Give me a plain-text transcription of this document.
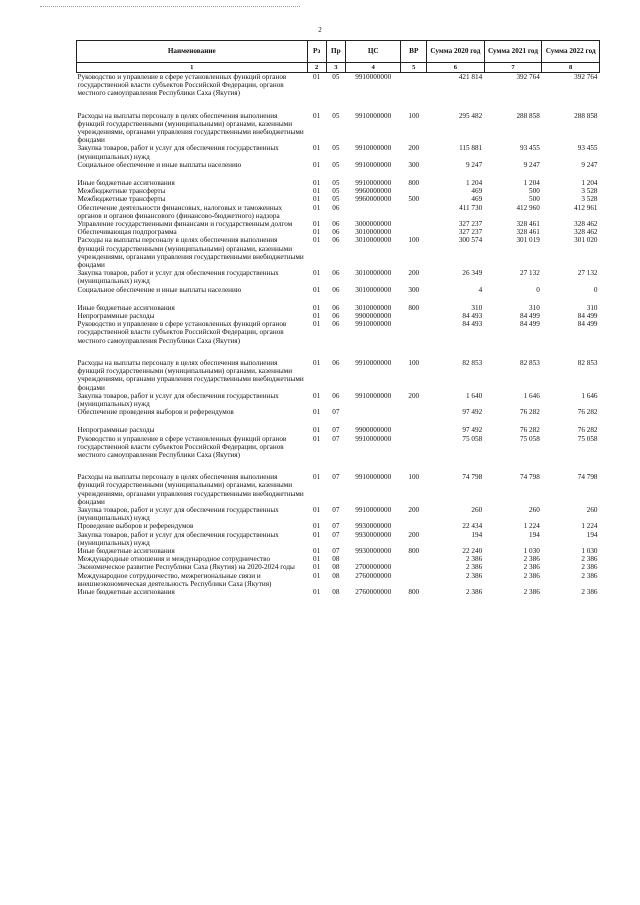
2
Наименование	Рз	Пр	ЦС	ВР	Сумма 2020 год	Сумма 2021 год	Сумма 2022 год
1	2	3	4	5	6	7	8
Руководство и управление в сфере установленных функций органов государственной власти субъектов Российской Федерации, органов местного самоуправления Республики Саха (Якутия)	01	05	9910000000		421 814	392 764	392 764
Расходы на выплаты персоналу в целях обеспечения выполнения функций государственными (муниципальными) органами, казенными учреждениями, органами управления государственными внебюджетными фондами	01	05	9910000000	100	295 482	288 858	288 858
Закупка товаров, работ и услуг для обеспечения государственных (муниципальных) нужд	01	05	9910000000	200	115 881	93 455	93 455
Социальное обеспечение и иные выплаты населению	01	05	9910000000	300	9 247	9 247	9 247
Иные бюджетные ассигнования	01	05	9910000000	800	1 204	1 204	1 204
Межбюджетные трансферты	01	05	9960000000		469	500	3 528
Межбюджетные трансферты	01	05	9960000000	500	469	500	3 528
Обеспечение деятельности финансовых, налоговых и таможенных органов и органов финансового (финансово-бюджетного) надзора	01	06			411 730	412 960	412 961
Управление государственными финансами и государственным долгом	01	06	3000000000		327 237	328 461	328 462
Обеспечивающая подпрограмма	01	06	3010000000		327 237	328 461	328 462
Расходы на выплаты персоналу в целях обеспечения выполнения функций государственными (муниципальными) органами, казенными учреждениями, органами управления государственными внебюджетными фондами	01	06	3010000000	100	300 574	301 019	301 020
Закупка товаров, работ и услуг для обеспечения государственных (муниципальных) нужд	01	06	3010000000	200	26 349	27 132	27 132
Социальное обеспечение и иные выплаты населению	01	06	3010000000	300	4	0	0
Иные бюджетные ассигнования	01	06	3010000000	800	310	310	310
Непрограммные расходы	01	06	9900000000		84 493	84 499	84 499
Руководство и управление в сфере установленных функций органов государственной власти субъектов Российской Федерации, органов местного самоуправления Республики Саха (Якутия)	01	06	9910000000		84 493	84 499	84 499
Расходы на выплаты персоналу в целях обеспечения выполнения функций государственными (муниципальными) органами, казенными учреждениями, органами управления государственными внебюджетными фондами	01	06	9910000000	100	82 853	82 853	82 853
Закупка товаров, работ и услуг для обеспечения государственных (муниципальных) нужд	01	06	9910000000	200	1 640	1 646	1 646
Обеспечение проведения выборов и референдумов	01	07			97 492	76 282	76 282
Непрограммные расходы	01	07	9900000000		97 492	76 282	76 282
Руководство и управление в сфере установленных функций органов государственной власти субъектов Российской Федерации, органов местного самоуправления Республики Саха (Якутия)	01	07	9910000000		75 058	75 058	75 058
Расходы на выплаты персоналу в целях обеспечения выполнения функций государственными (муниципальными) органами, казенными учреждениями, органами управления государственными внебюджетными фондами	01	07	9910000000	100	74 798	74 798	74 798
Закупка товаров, работ и услуг для обеспечения государственных (муниципальных) нужд	01	07	9910000000	200	260	260	260
Проведение выборов и референдумов	01	07	9930000000		22 434	1 224	1 224
Закупка товаров, работ и услуг для обеспечения государственных (муниципальных) нужд	01	07	9930000000	200	194	194	194
Иные бюджетные ассигнования	01	07	9930000000	800	22 240	1 030	1 030
Международные отношения и международное сотрудничество	01	08			2 386	2 386	2 386
Экономическое развитие Республики Саха (Якутия) на 2020-2024 годы	01	08	2700000000		2 386	2 386	2 386
Международное сотрудничество, межрегиональные связи и внешнеэкономическая деятельность Республики Саха (Якутия)	01	08	2760000000		2 386	2 386	2 386
Иные бюджетные ассигнования	01	08	2760000000	800	2 386	2 386	2 386
